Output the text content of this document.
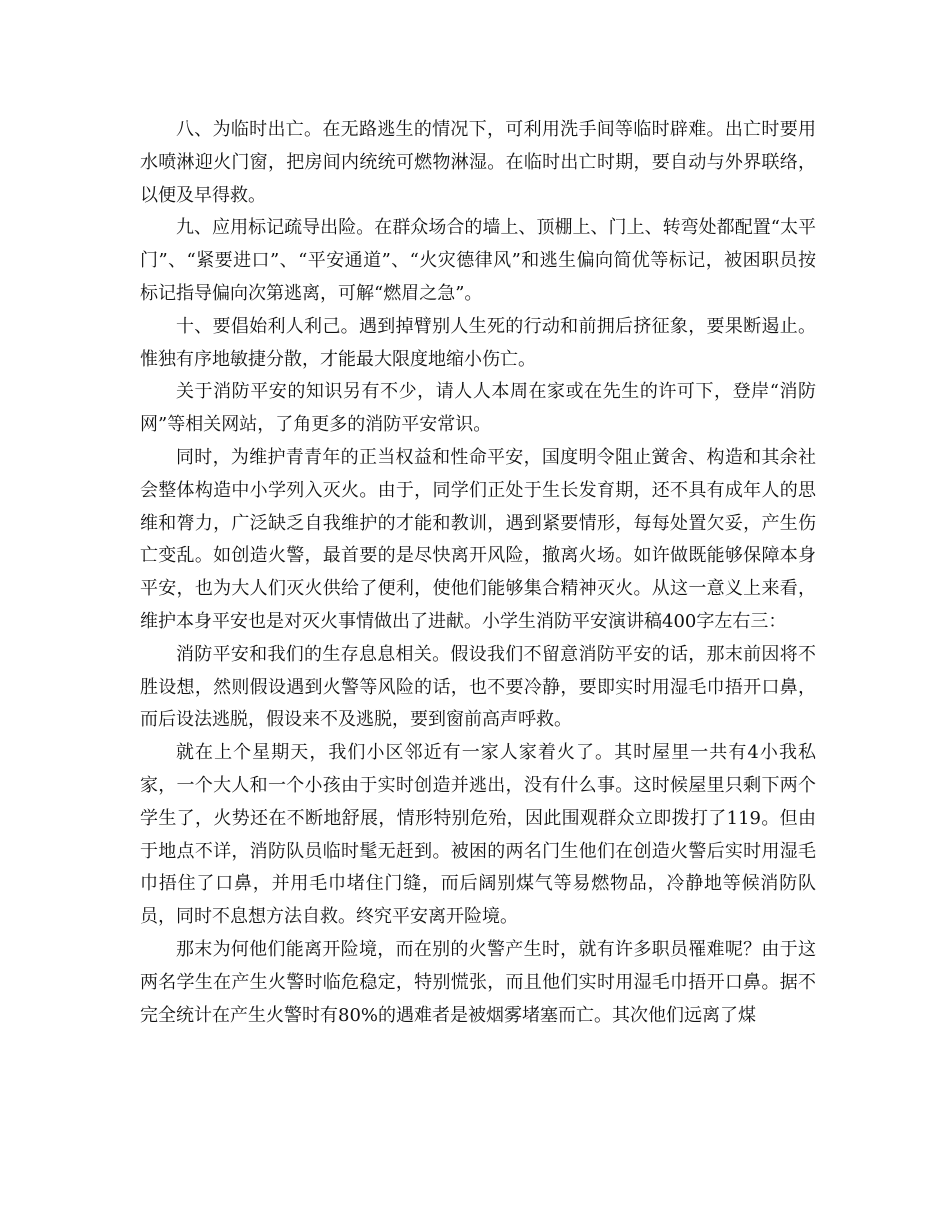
八、为临时出亡。在无路逃生的情况下，可利用洗手间等临时辟难。出亡时要用水喷淋迎火门窗，把房间内统统可燃物淋湿。在临时出亡时期，要自动与外界联络，以便及早得救。

九、应用标记疏导出险。在群众场合的墙上、顶棚上、门上、转弯处都配置“太平门”、“紧要进口”、“平安通道”、“火灾德律风”和逃生偏向简优等标记，被困职员按标记指导偏向次第逃离，可解“燃眉之急”。

十、要倡始利人利己。遇到掉臂别人生死的行动和前拥后挤征象，要果断遏止。惟独有序地敏捷分散，才能最大限度地缩小伤亡。

关于消防平安的知识另有不少，请人人本周在家或在先生的许可下，登岸“消防网”等相关网站，了角更多的消防平安常识。

同时，为维护青青年的正当权益和性命平安，国度明令阻止黉舍、构造和其余社会整体构造中小学列入灭火。由于，同学们正处于生长发育期，还不具有成年人的思维和膂力，广泛缺乏自我维护的才能和教训，遇到紧要情形，每每处置欠妥，产生伤亡变乱。如创造火警，最首要的是尽快离开风险，撤离火场。如许做既能够保障本身平安，也为大人们灭火供给了便利，使他们能够集合精神灭火。从这一意义上来看，维护本身平安也是对灭火事情做出了进献。小学生消防平安演讲稿400字左右三：

消防平安和我们的生存息息相关。假设我们不留意消防平安的话，那末前因将不胜设想，然则假设遇到火警等风险的话，也不要冷静，要即实时用湿毛巾捂开口鼻，而后设法逃脱，假设来不及逃脱，要到窗前高声呼救。

就在上个星期天，我们小区邻近有一家人家着火了。其时屋里一共有4小我私家，一个大人和一个小孩由于实时创造并逃出，没有什么事。这时候屋里只剩下两个学生了，火势还在不断地舒展，情形特别危殆，因此围观群众立即拨打了119。但由于地点不详，消防队员临时髦无赶到。被困的两名门生他们在创造火警后实时用湿毛巾捂住了口鼻，并用毛巾堵住门缝，而后阔别煤气等易燃物品，冷静地等候消防队员，同时不息想方法自救。终究平安离开险境。

那末为何他们能离开险境，而在别的火警产生时，就有许多职员罹难呢？由于这两名学生在产生火警时临危稳定，特别慌张，而且他们实时用湿毛巾捂开口鼻。据不完全统计在产生火警时有80%的遇难者是被烟雾堵塞而亡。其次他们远离了煤
